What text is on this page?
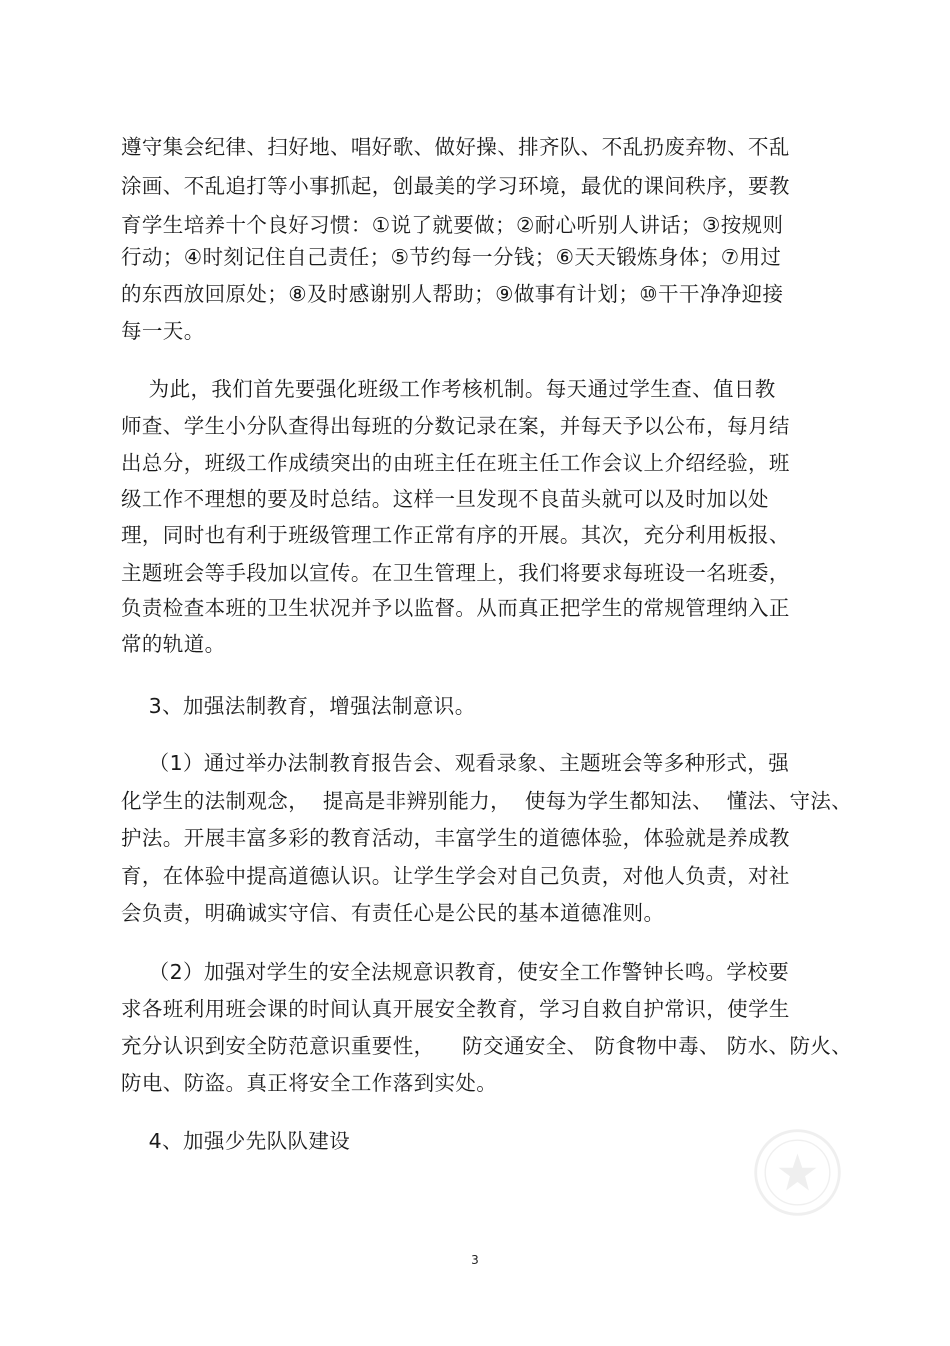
遵守集会纪律、扫好地、唱好歌、做好操、排齐队、不乱扔废弃物、不乱
涂画、不乱追打等小事抓起，创最美的学习环境，最优的课间秩序，要教
育学生培养十个良好习惯：①说了就要做；②耐心听别人讲话；③按规则
行动；④时刻记住自己责任；⑤节约每一分钱；⑥天天锻炼身体；⑦用过
的东西放回原处；⑧及时感谢别人帮助；⑨做事有计划；⑩干干净净迎接
每一天。
为此，我们首先要强化班级工作考核机制。每天通过学生查、值日教
师查、学生小分队查得出每班的分数记录在案，并每天予以公布，每月结
出总分，班级工作成绩突出的由班主任在班主任工作会议上介绍经验，班
级工作不理想的要及时总结。这样一旦发现不良苗头就可以及时加以处
理，同时也有利于班级管理工作正常有序的开展。其次，充分利用板报、
主题班会等手段加以宣传。在卫生管理上，我们将要求每班设一名班委，
负责检查本班的卫生状况并予以监督。从而真正把学生的常规管理纳入正
常的轨道。
3、加强法制教育，增强法制意识。
（1）通过举办法制教育报告会、观看录象、主题班会等多种形式，强
化学生的法制观念，  提高是非辨别能力，  使每为学生都知法、  懂法、守法、
护法。开展丰富多彩的教育活动，丰富学生的道德体验，体验就是养成教
育，在体验中提高道德认识。让学生学会对自己负责，对他人负责，对社
会负责，明确诚实守信、有责任心是公民的基本道德准则。
（2）加强对学生的安全法规意识教育，使安全工作警钟长鸣。学校要
求各班利用班会课的时间认真开展安全教育，学习自救自护常识，使学生
充分认识到安全防范意识重要性，    防交通安全、 防食物中毒、 防水、防火、
防电、防盗。真正将安全工作落到实处。
4、加强少先队队建设
3
